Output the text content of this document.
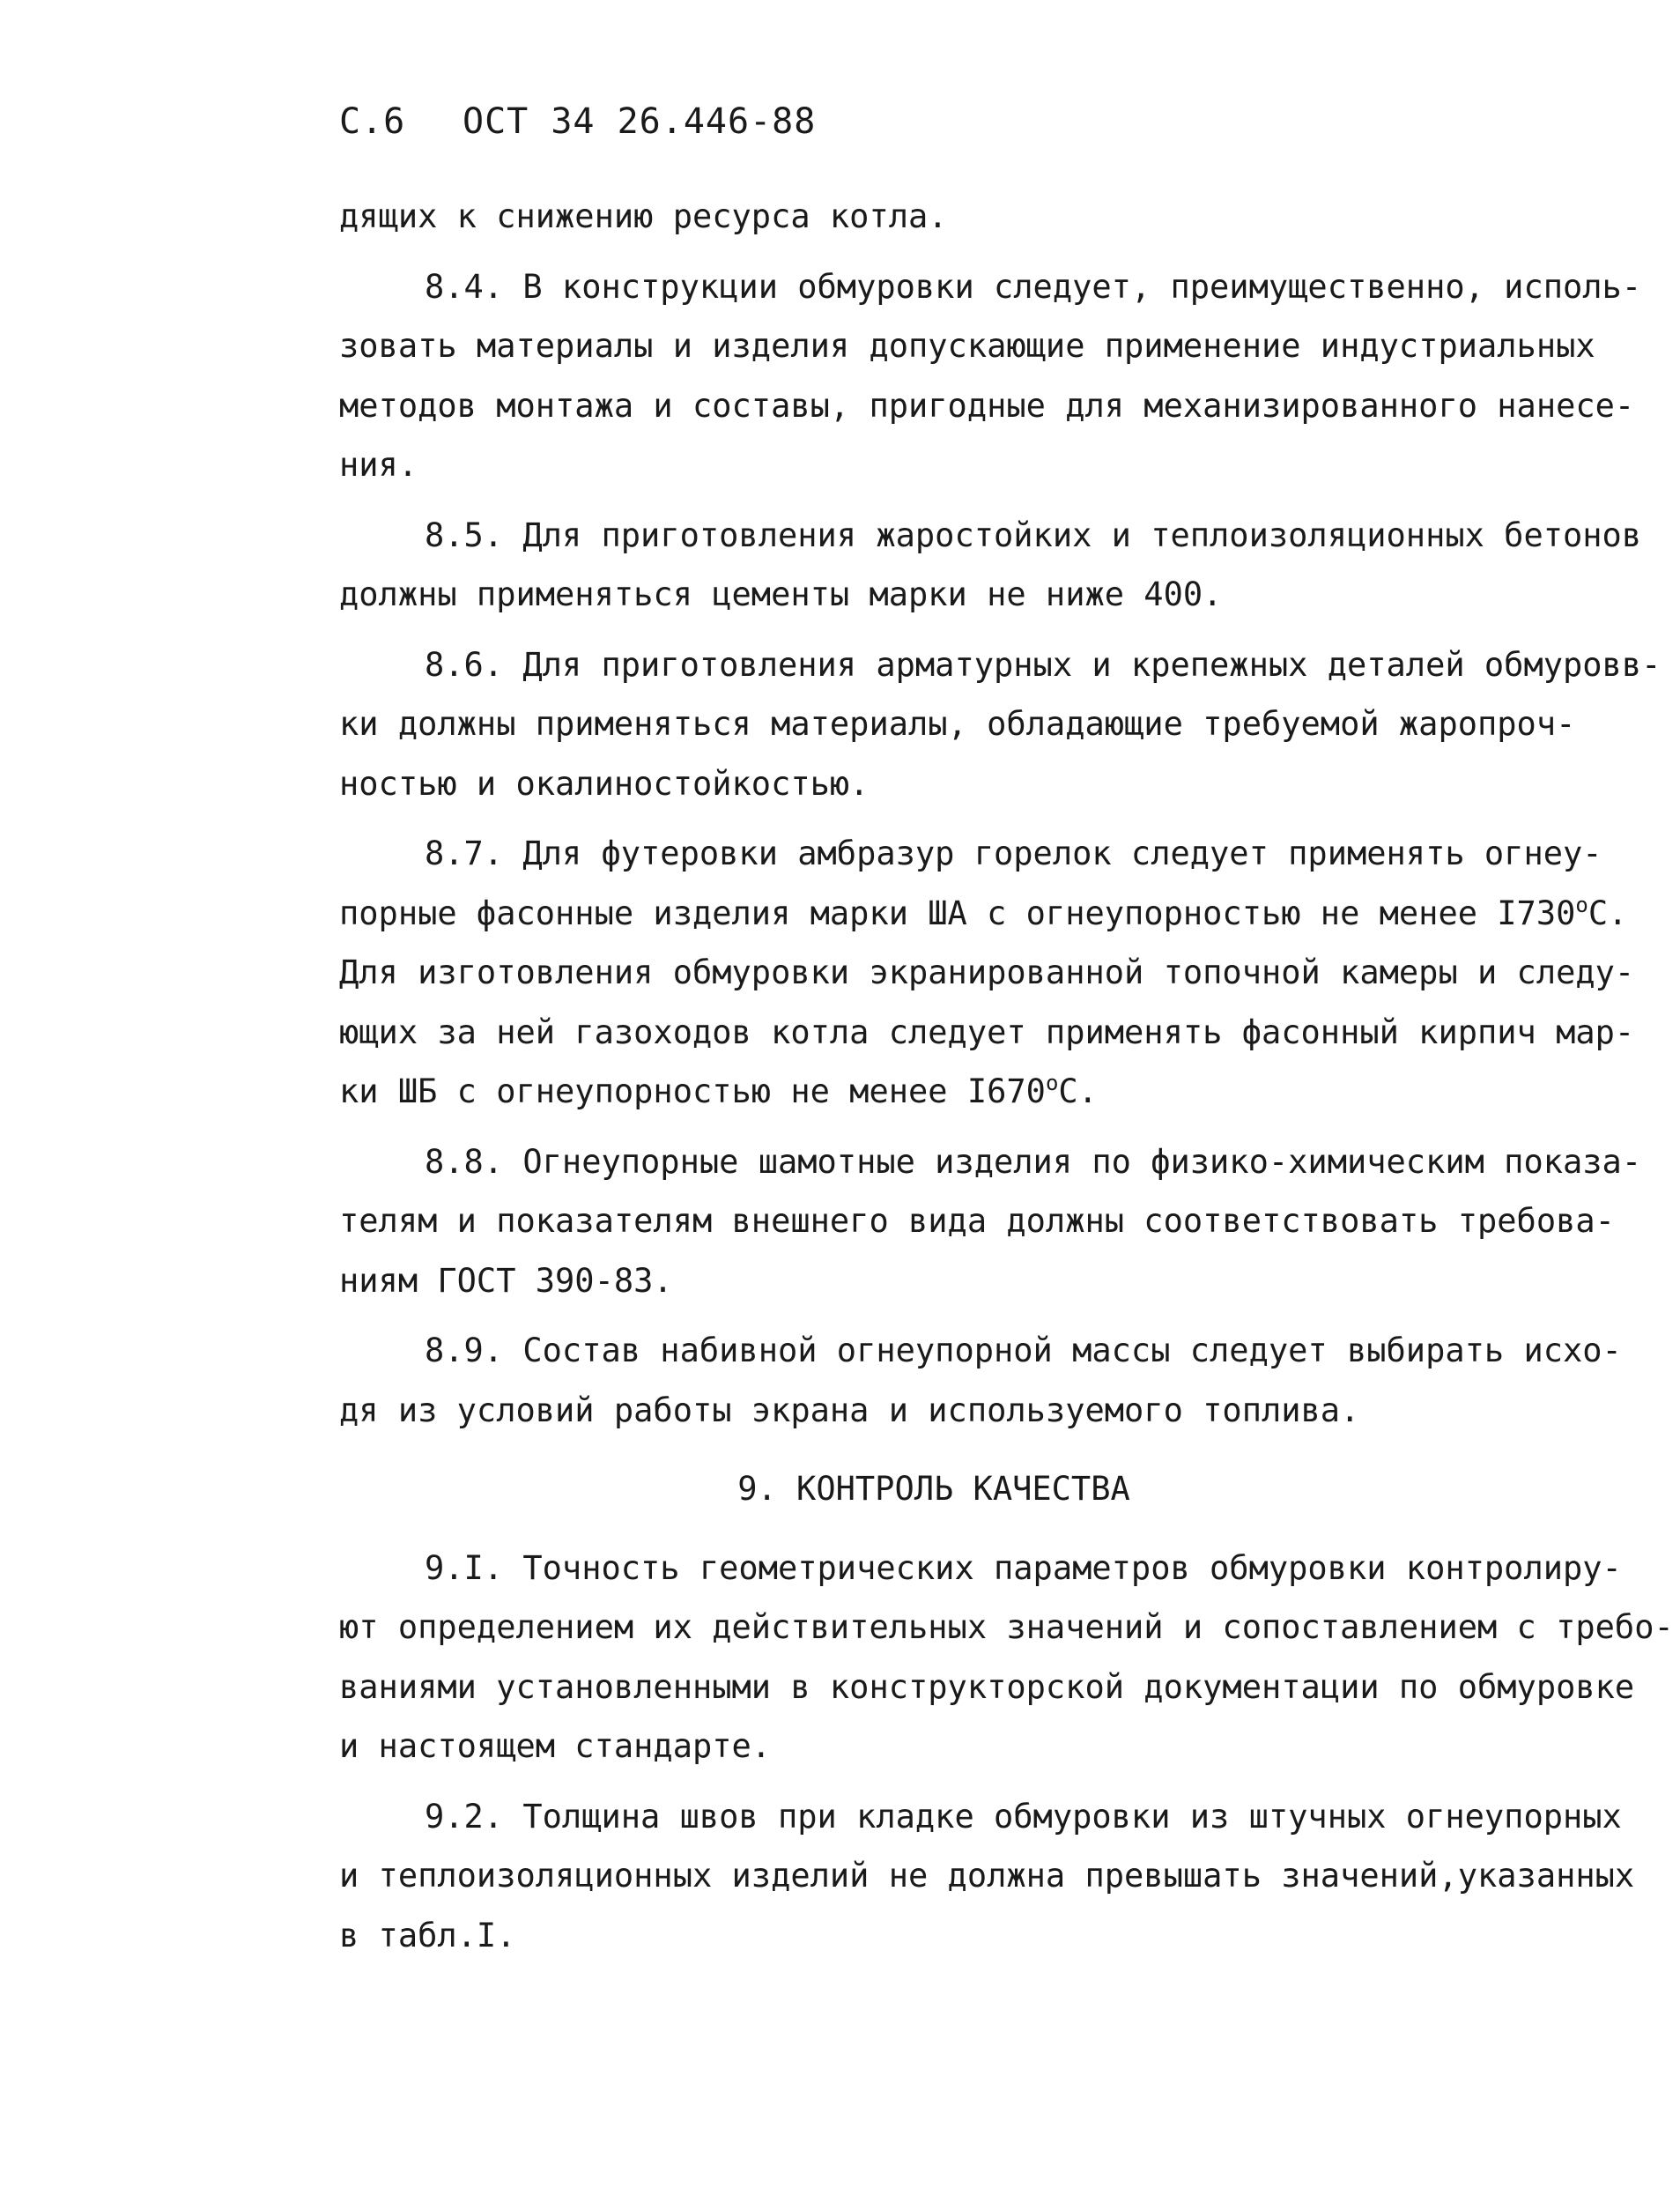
С.6 ОСТ 34 26.446-88
дящих к снижению ресурса котла.
8.4. В конструкции обмуровки следует, преимущественно, исполь-
зовать материалы и изделия допускающие применение индустриальных
методов монтажа и составы, пригодные для механизированного нанесе-
ния.
8.5. Для приготовления жаростойких и теплоизоляционных бетонов
должны применяться цементы марки не ниже 400.
8.6. Для приготовления арматурных и крепежных деталей обмуровв-
ки должны применяться материалы, обладающие требуемой жаропроч-
ностью и окалиностойкостью.
8.7. Для футеровки амбразур горелок следует применять огнеу-
порные фасонные изделия марки ША с огнеупорностью не менее $I730^оС$.
Для изготовления обмуровки экранированной топочной камеры и следу-
ющих за ней газоходов котла следует применять фасонный кирпич мар-
ки ШБ с огнеупорностью не менее $I670^оС$.
8.8. Огнеупорные шамотные изделия по физико-химическим показа-
телям и показателям внешнего вида должны соответствовать требова-
ниям ГОСТ 390-83.
8.9. Состав набивной огнеупорной массы следует выбирать исхо-
дя из условий работы экрана и используемого топлива.
9. КОНТРОЛЬ КАЧЕСТВА
9.I. Точность геометрических параметров обмуровки контролиру-
ют определением их действительных значений и сопоставлением с требо-
ваниями установленными в конструкторской документации по обмуровке
и настоящем стандарте.
9.2. Толщина швов при кладке обмуровки из штучных огнеупорных
и теплоизоляционных изделий не должна превышать значений,указанных
в табл.I.
